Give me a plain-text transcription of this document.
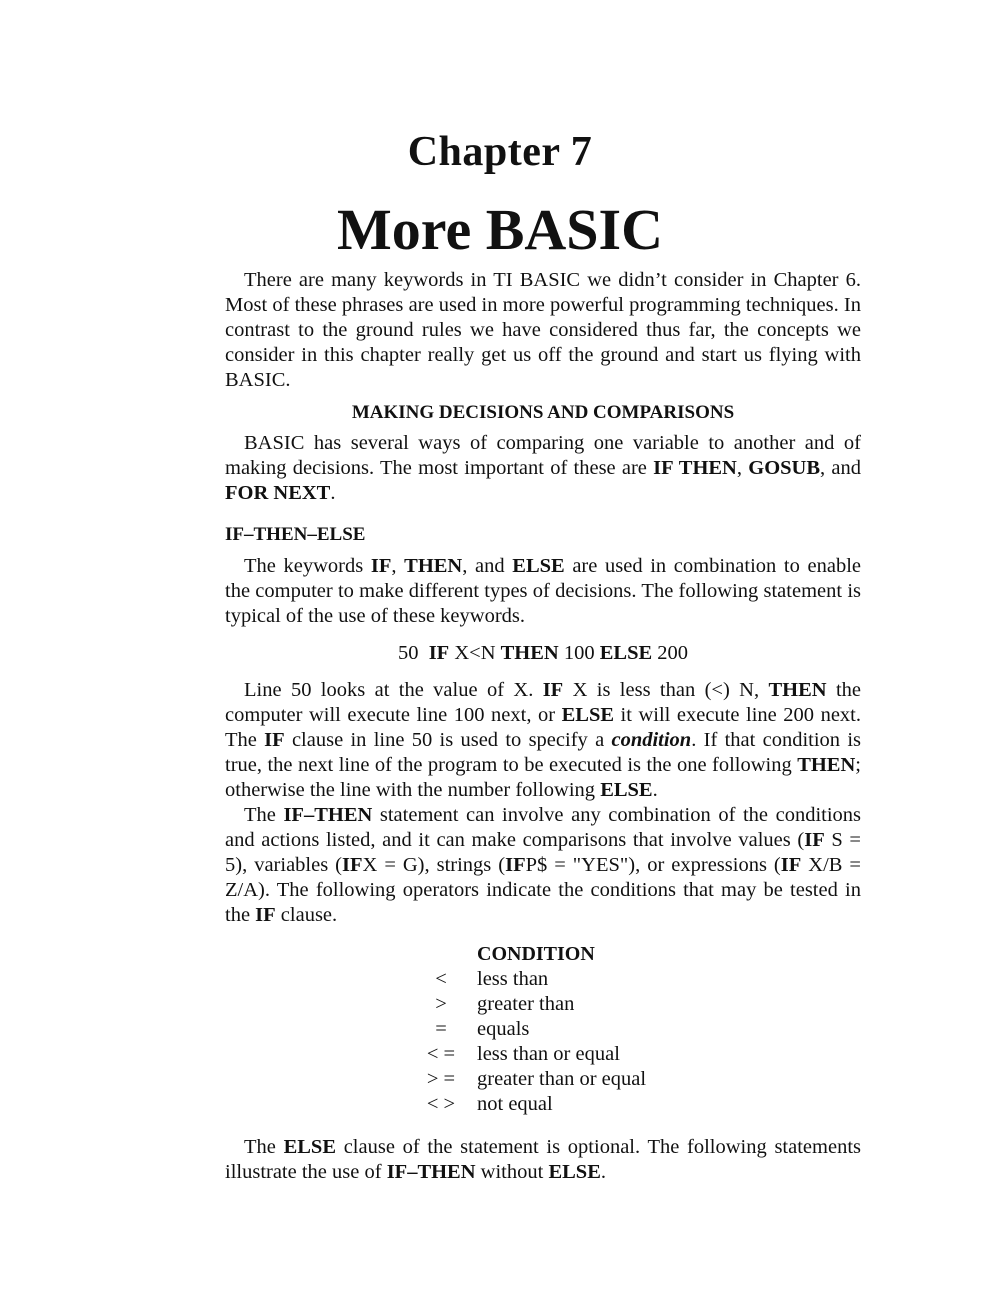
Chapter 7
More BASIC

There are many keywords in TI BASIC we didn’t consider in Chapter 6. Most of these phrases are used in more powerful programming techniques. In contrast to the ground rules we have considered thus far, the concepts we consider in this chapter really get us off the ground and start us flying with BASIC.

MAKING DECISIONS AND COMPARISONS

BASIC has several ways of comparing one variable to another and of making decisions. The most important of these are IF THEN, GOSUB, and FOR NEXT.

IF–THEN–ELSE

The keywords IF, THEN, and ELSE are used in combination to enable the computer to make different types of decisions. The following statement is typical of the use of these keywords.

50 IF X<N THEN 100 ELSE 200

Line 50 looks at the value of X. IF X is less than (<) N, THEN the computer will execute line 100 next, or ELSE it will execute line 200 next. The IF clause in line 50 is used to specify a condition. If that condition is true, the next line of the program to be executed is the one following THEN; otherwise the line with the number following ELSE.

The IF–THEN statement can involve any combination of the conditions and actions listed, and it can make comparisons that involve values (IF S = 5), variables (IFX = G), strings (IFP$ = "YES"), or expressions (IF X/B = Z/A). The following operators indicate the conditions that may be tested in the IF clause.

	CONDITION
<	less than
>	greater than
=	equals
< =	less than or equal
> =	greater than or equal
< >	not equal

The ELSE clause of the statement is optional. The following statements illustrate the use of IF–THEN without ELSE.
